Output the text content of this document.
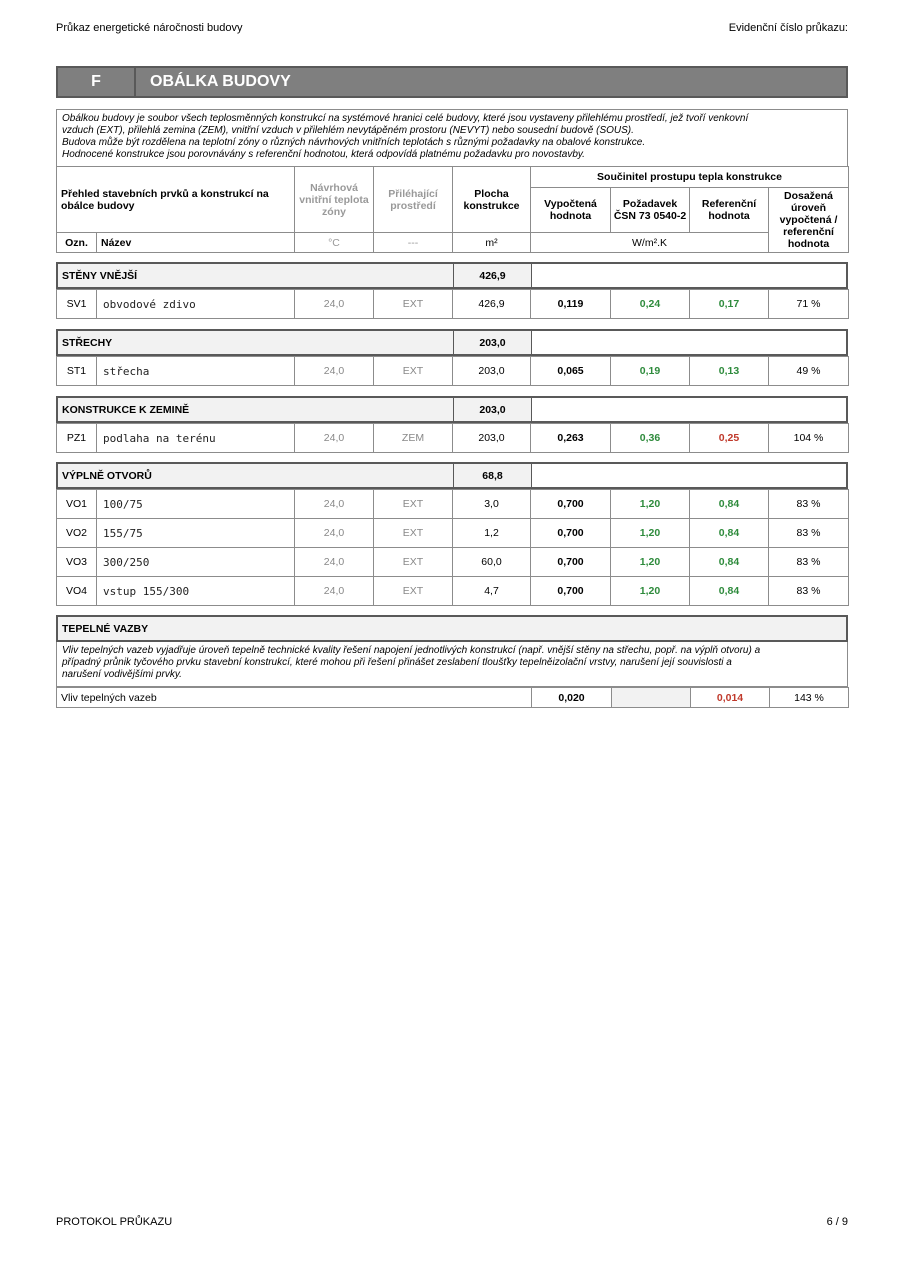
Průkaz energetické náročnosti budovy	Evidenční číslo průkazu:
F	OBÁLKA BUDOVY
Obálkou budovy je soubor všech teplosměnných konstrukcí na systémové hranici celé budovy, které jsou vystaveny přilehlému prostředí, jež tvoří venkovní
vzduch (EXT), přilehlá zemina (ZEM), vnitřní vzduch v přilehlém nevytápěném prostoru (NEVYT) nebo sousední budově (SOUS).
Budova může být rozdělena na teplotní zóny o různých návrhových vnitřních teplotách s různými požadavky na obalové konstrukce.
Hodnocené konstrukce jsou porovnávány s referenční hodnotou, která odpovídá platnému požadavku pro novostavby.
Přehled stavebních prvků a konstrukcí na obálce budovy		Návrhová vnitřní teplota zóny	Přiléhající prostředí	Plocha konstrukce	Součinitel prostupu tepla konstrukce			
					Vypočtená hodnota	Požadavek ČSN 73 0540-2	Referenční hodnota	Dosažená úroveň vypočtená / referenční hodnota
Ozn.	Název	°C	---	m²	W/m².K			
STĚNY VNĚJŠÍ	426,9
SV1	obvodové zdivo	24,0	EXT	426,9	0,119	0,24	0,17	71 %
STŘECHY	203,0
ST1	střecha	24,0	EXT	203,0	0,065	0,19	0,13	49 %
KONSTRUKCE K ZEMINĚ	203,0
PZ1	podlaha na terénu	24,0	ZEM	203,0	0,263	0,36	0,25	104 %
VÝPLNĚ OTVORŮ	68,8
VO1	100/75	24,0	EXT	3,0	0,700	1,20	0,84	83 %
VO2	155/75	24,0	EXT	1,2	0,700	1,20	0,84	83 %
VO3	300/250	24,0	EXT	60,0	0,700	1,20	0,84	83 %
VO4	vstup 155/300	24,0	EXT	4,7	0,700	1,20	0,84	83 %
TEPELNÉ VAZBY
Vliv tepelných vazeb vyjadřuje úroveň tepelně technické kvality řešení napojení jednotlivých konstrukcí (např. vnější stěny na střechu, popř. na výplň otvoru) a
případný průnik tyčového prvku stavební konstrukcí, které mohou při řešení přinášet zeslabení tloušťky tepelněizolační vrstvy, narušení její souvislosti a
narušení vodivějšími prvky.
Vliv tepelných vazeb	0,020		0,014	143 %
PROTOKOL PRŮKAZU	6 / 9
